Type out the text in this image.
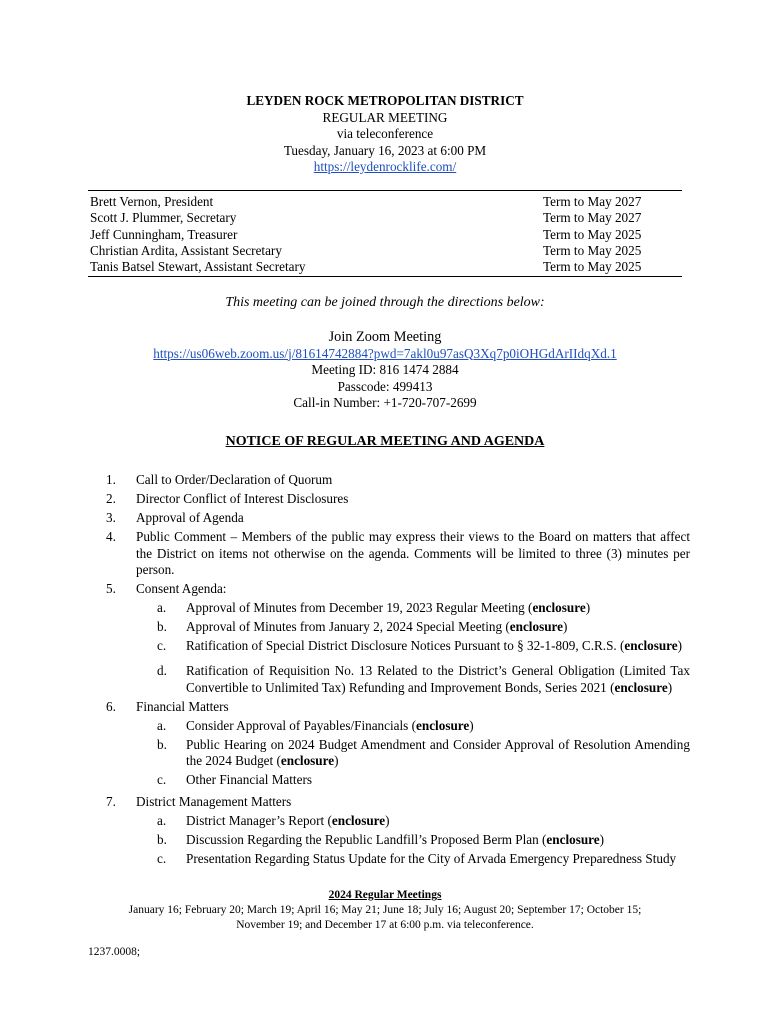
LEYDEN ROCK METROPOLITAN DISTRICT
REGULAR MEETING
via teleconference
Tuesday, January 16, 2023 at 6:00 PM
https://leydenrocklife.com/
Brett Vernon, President	Term to May 2027
Scott J. Plummer, Secretary	Term to May 2027
Jeff Cunningham, Treasurer	Term to May 2025
Christian Ardita, Assistant Secretary	Term to May 2025
Tanis Batsel Stewart, Assistant Secretary	Term to May 2025
This meeting can be joined through the directions below:
Join Zoom Meeting
https://us06web.zoom.us/j/81614742884?pwd=7akl0u97asQ3Xq7p0iOHGdArIIdqXd.1
Meeting ID: 816 1474 2884
Passcode: 499413
Call-in Number: +1-720-707-2699
NOTICE OF REGULAR MEETING AND AGENDA
1.	Call to Order/Declaration of Quorum
2.	Director Conflict of Interest Disclosures
3.	Approval of Agenda
4.	Public Comment – Members of the public may express their views to the Board on matters that affect the District on items not otherwise on the agenda. Comments will be limited to three (3) minutes per person.
5.	Consent Agenda:
a.	Approval of Minutes from December 19, 2023 Regular Meeting (enclosure)
b.	Approval of Minutes from January 2, 2024 Special Meeting (enclosure)
c.	Ratification of Special District Disclosure Notices Pursuant to § 32-1-809, C.R.S. (enclosure)
d.	Ratification of Requisition No. 13 Related to the District’s General Obligation (Limited Tax Convertible to Unlimited Tax) Refunding and Improvement Bonds, Series 2021 (enclosure)
6.	Financial Matters
a.	Consider Approval of Payables/Financials (enclosure)
b.	Public Hearing on 2024 Budget Amendment and Consider Approval of Resolution Amending the 2024 Budget (enclosure)
c.	Other Financial Matters
7.	District Management Matters
a.	District Manager’s Report (enclosure)
b.	Discussion Regarding the Republic Landfill’s Proposed Berm Plan (enclosure)
c.	Presentation Regarding Status Update for the City of Arvada Emergency Preparedness Study
2024 Regular Meetings
January 16; February 20; March 19; April 16; May 21; June 18; July 16; August 20; September 17; October 15;
November 19; and December 17 at 6:00 p.m. via teleconference.
1237.0008;
